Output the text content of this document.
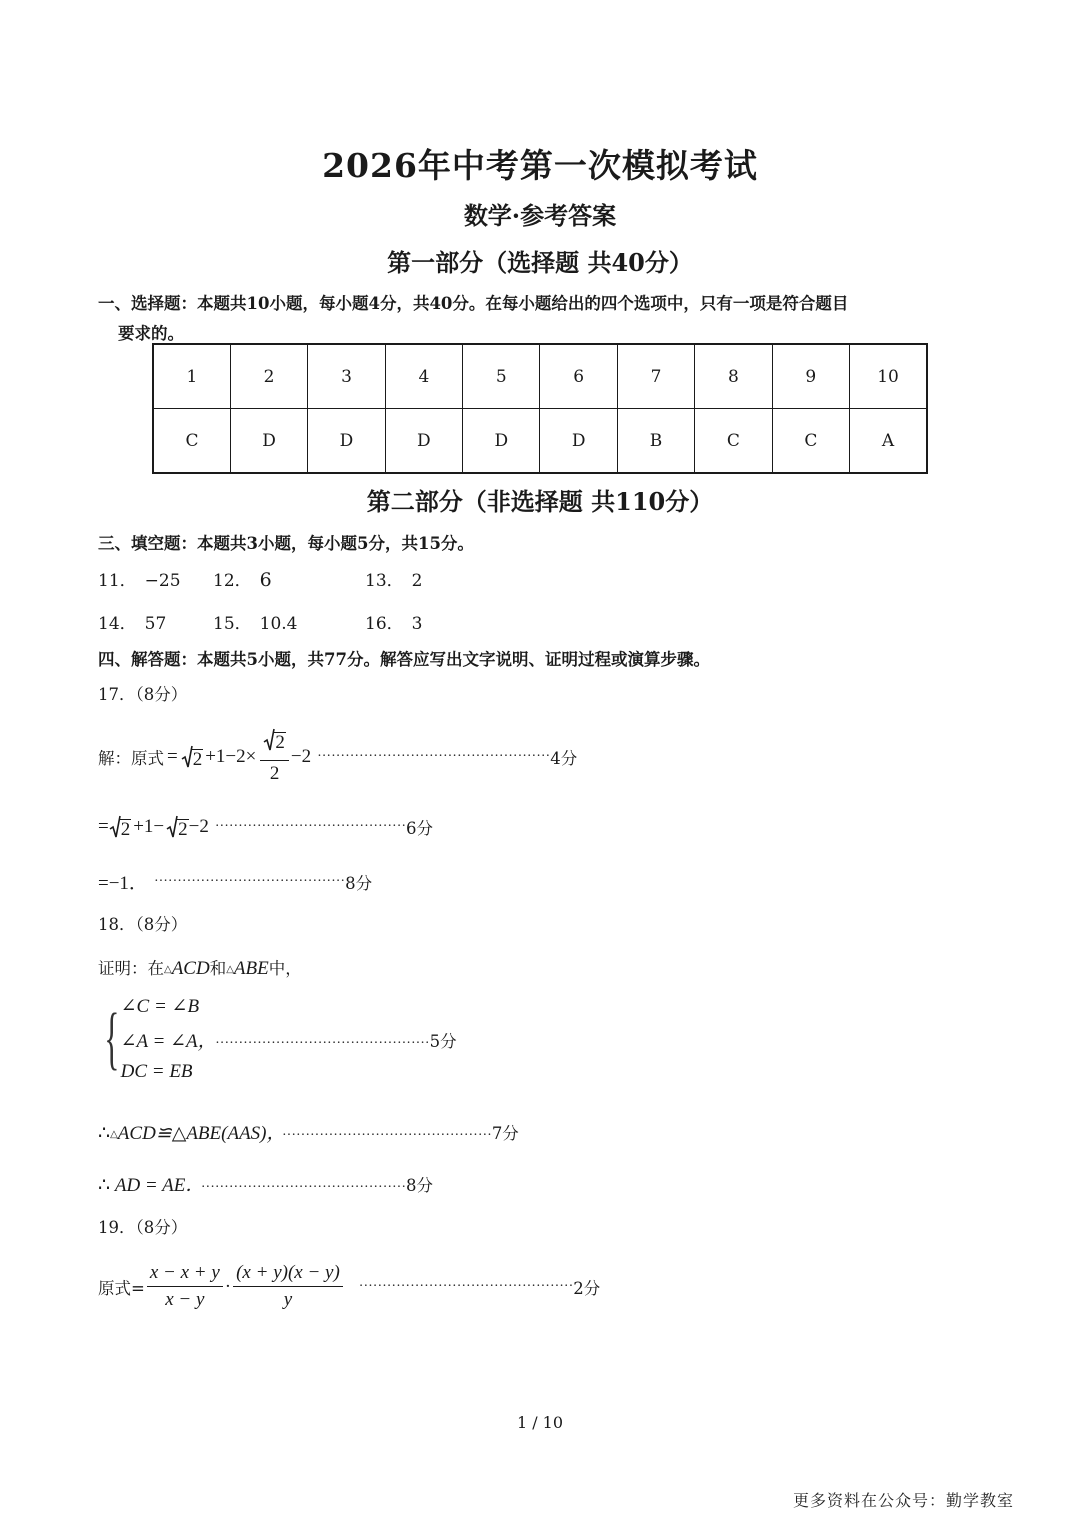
2026年中考第一次模拟考试
数学·参考答案
第一部分（选择题 共40分）
一、选择题：本题共10小题，每小题4分，共40分。在每小题给出的四个选项中，只有一项是符合题目
要求的。
1	2	3	4	5	6	7	8	9	10
C	D	D	D	D	D	B	C	C	A
第二部分（非选择题 共110分）
三、填空题：本题共3小题，每小题5分，共15分。
11． −25 12． 6	13． 2
14． 57	15． 10.4	16． 3
四、解答题：本题共5小题，共77分。解答应写出文字说明、证明过程或演算步骤。
17．（8分）
解：原式 = $2 +1-2\times \frac{2}{2} -2$ ·················································· 4分
= 2 +1− 2 −2 ········································· 6分
=−1． ········································· 8分
18．（8分）
证明：在△ACD和△ABE中，
{ ∠C = ∠B
∠A = ∠A， ··············································5分
DC = EB
∴△ACD≌△ABE(AAS)， ·············································7分
∴ AD = AE． ············································8分
19．（8分）
原式= $\frac{x - x + y}{x - y} \cdot \frac{(x + y)(x - y)}{y}$ ·············································· 2分
1 / 10
更多资料在公众号：勤学教室
